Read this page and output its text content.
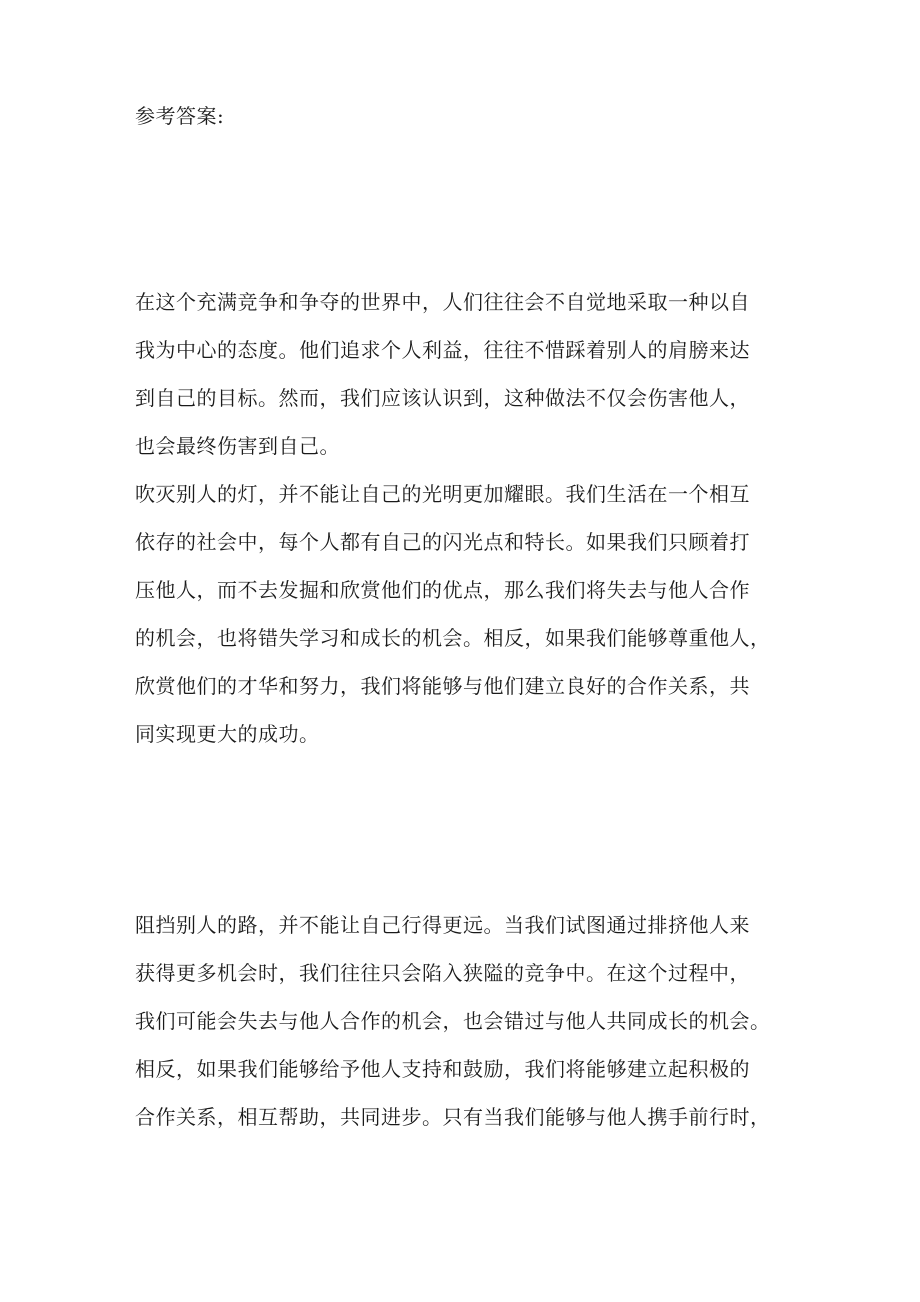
参考答案:
在这个充满竞争和争夺的世界中，人们往往会不自觉地采取一种以自
我为中心的态度。他们追求个人利益，往往不惜踩着别人的肩膀来达
到自己的目标。然而，我们应该认识到，这种做法不仅会伤害他人，
也会最终伤害到自己。
吹灭别人的灯，并不能让自己的光明更加耀眼。我们生活在一个相互
依存的社会中，每个人都有自己的闪光点和特长。如果我们只顾着打
压他人，而不去发掘和欣赏他们的优点，那么我们将失去与他人合作
的机会，也将错失学习和成长的机会。相反，如果我们能够尊重他人，
欣赏他们的才华和努力，我们将能够与他们建立良好的合作关系，共
同实现更大的成功。
阻挡别人的路，并不能让自己行得更远。当我们试图通过排挤他人来
获得更多机会时，我们往往只会陷入狭隘的竞争中。在这个过程中，
我们可能会失去与他人合作的机会，也会错过与他人共同成长的机会。
相反，如果我们能够给予他人支持和鼓励，我们将能够建立起积极的
合作关系，相互帮助，共同进步。只有当我们能够与他人携手前行时，
